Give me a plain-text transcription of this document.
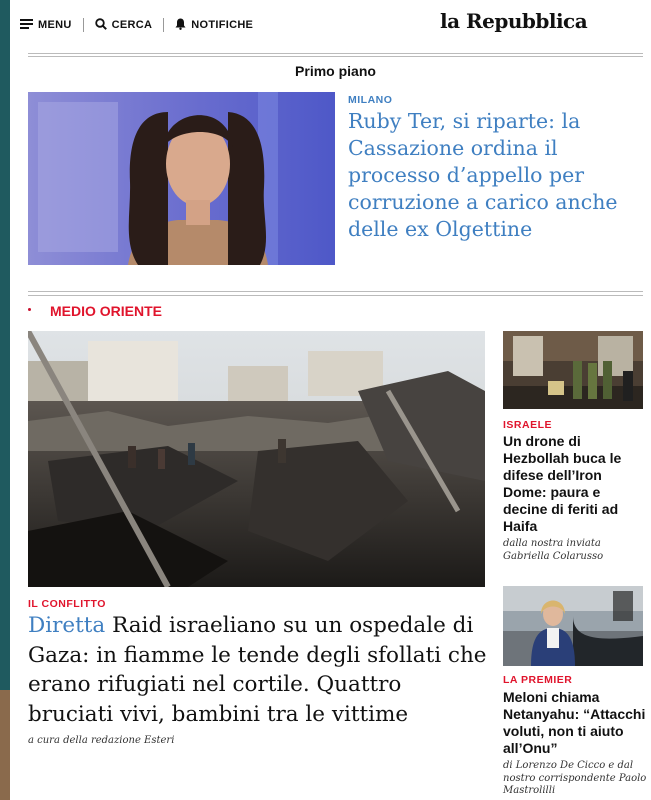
MENU	CERCA	NOTIFICHE	la Repubblica
Primo piano
MILANO
Ruby Ter, si riparte: la Cassazione ordina il processo d’appello per corruzione a carico anche delle ex Olgettine
MEDIO ORIENTE
IL CONFLITTO
Diretta Raid israeliano su un ospedale di Gaza: in fiamme le tende degli sfollati che erano rifugiati nel cortile. Quattro bruciati vivi, bambini tra le vittime
a cura della redazione Esteri
ISRAELE
Un drone di Hezbollah buca le difese dell’Iron Dome: paura e decine di feriti ad Haifa
dalla nostra inviata Gabriella Colarusso
LA PREMIER
Meloni chiama Netanyahu: “Attacchi voluti, non ti aiuto all’Onu”
di Lorenzo De Cicco e dal nostro corrispondente Paolo Mastrolilli
